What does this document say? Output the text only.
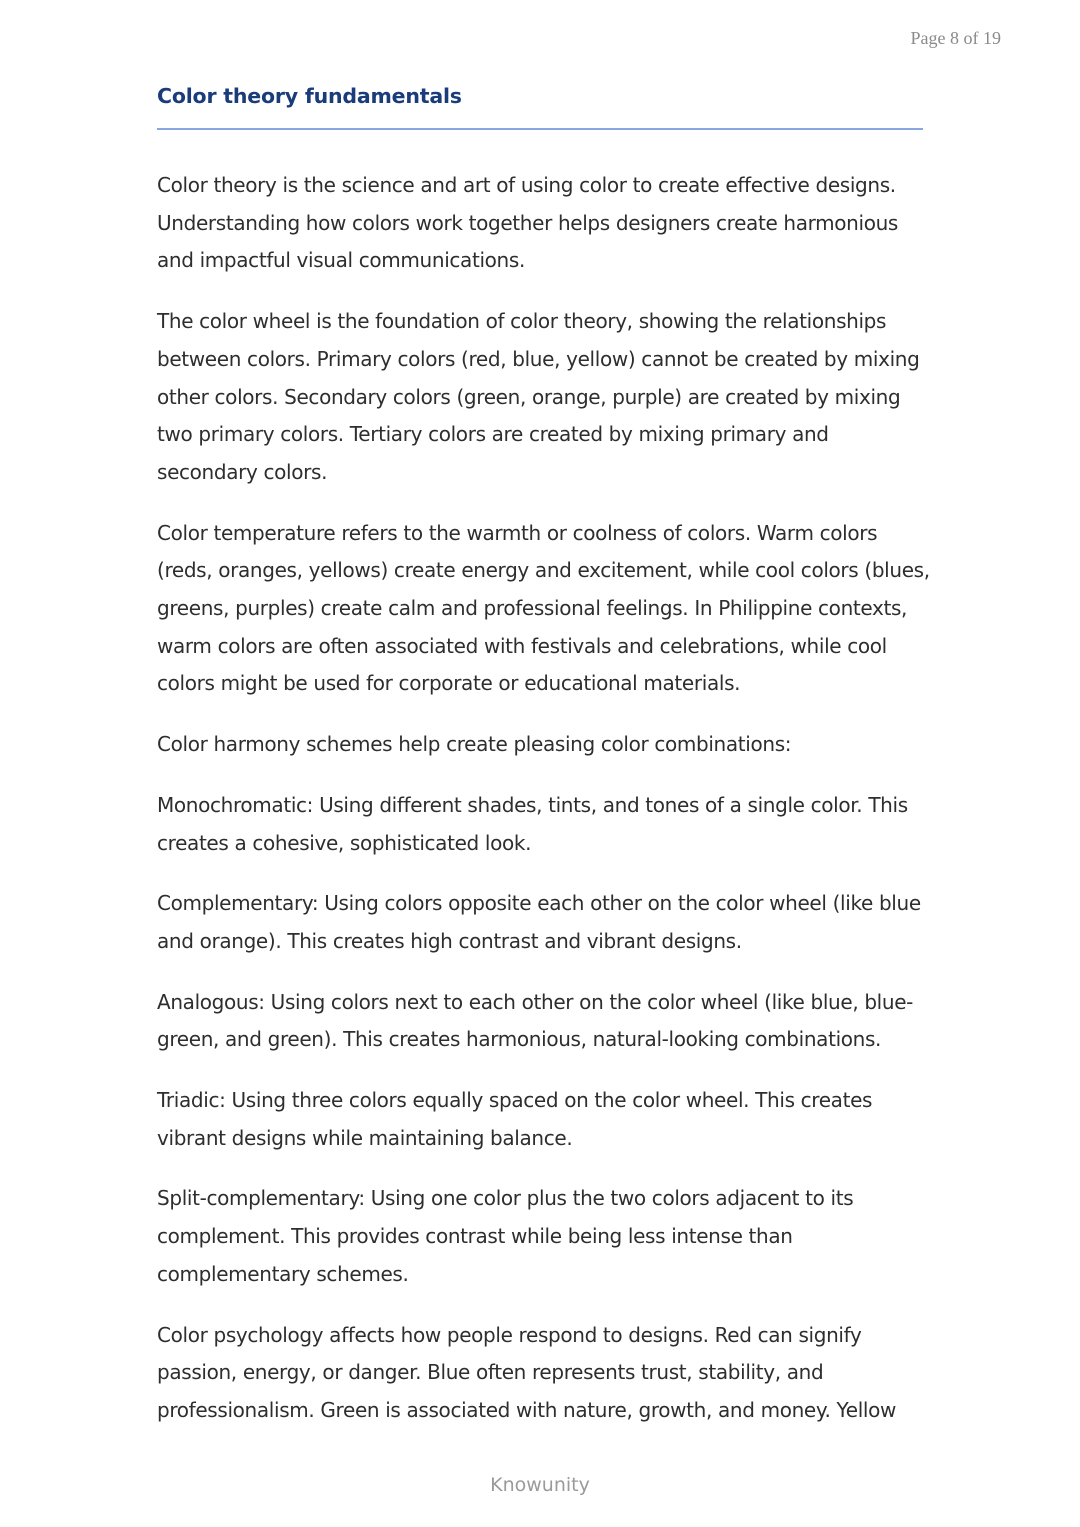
Page 8 of 19
Color theory fundamentals

Color theory is the science and art of using color to create effective designs. Understanding how colors work together helps designers create harmonious and impactful visual communications.

The color wheel is the foundation of color theory, showing the relationships between colors. Primary colors (red, blue, yellow) cannot be created by mixing other colors. Secondary colors (green, orange, purple) are created by mixing two primary colors. Tertiary colors are created by mixing primary and secondary colors.

Color temperature refers to the warmth or coolness of colors. Warm colors (reds, oranges, yellows) create energy and excitement, while cool colors (blues, greens, purples) create calm and professional feelings. In Philippine contexts, warm colors are often associated with festivals and celebrations, while cool colors might be used for corporate or educational materials.

Color harmony schemes help create pleasing color combinations:

Monochromatic: Using different shades, tints, and tones of a single color. This creates a cohesive, sophisticated look.

Complementary: Using colors opposite each other on the color wheel (like blue and orange). This creates high contrast and vibrant designs.

Analogous: Using colors next to each other on the color wheel (like blue, blue-green, and green). This creates harmonious, natural-looking combinations.

Triadic: Using three colors equally spaced on the color wheel. This creates vibrant designs while maintaining balance.

Split-complementary: Using one color plus the two colors adjacent to its complement. This provides contrast while being less intense than complementary schemes.

Color psychology affects how people respond to designs. Red can signify passion, energy, or danger. Blue often represents trust, stability, and professionalism. Green is associated with nature, growth, and money. Yellow

Knowunity
